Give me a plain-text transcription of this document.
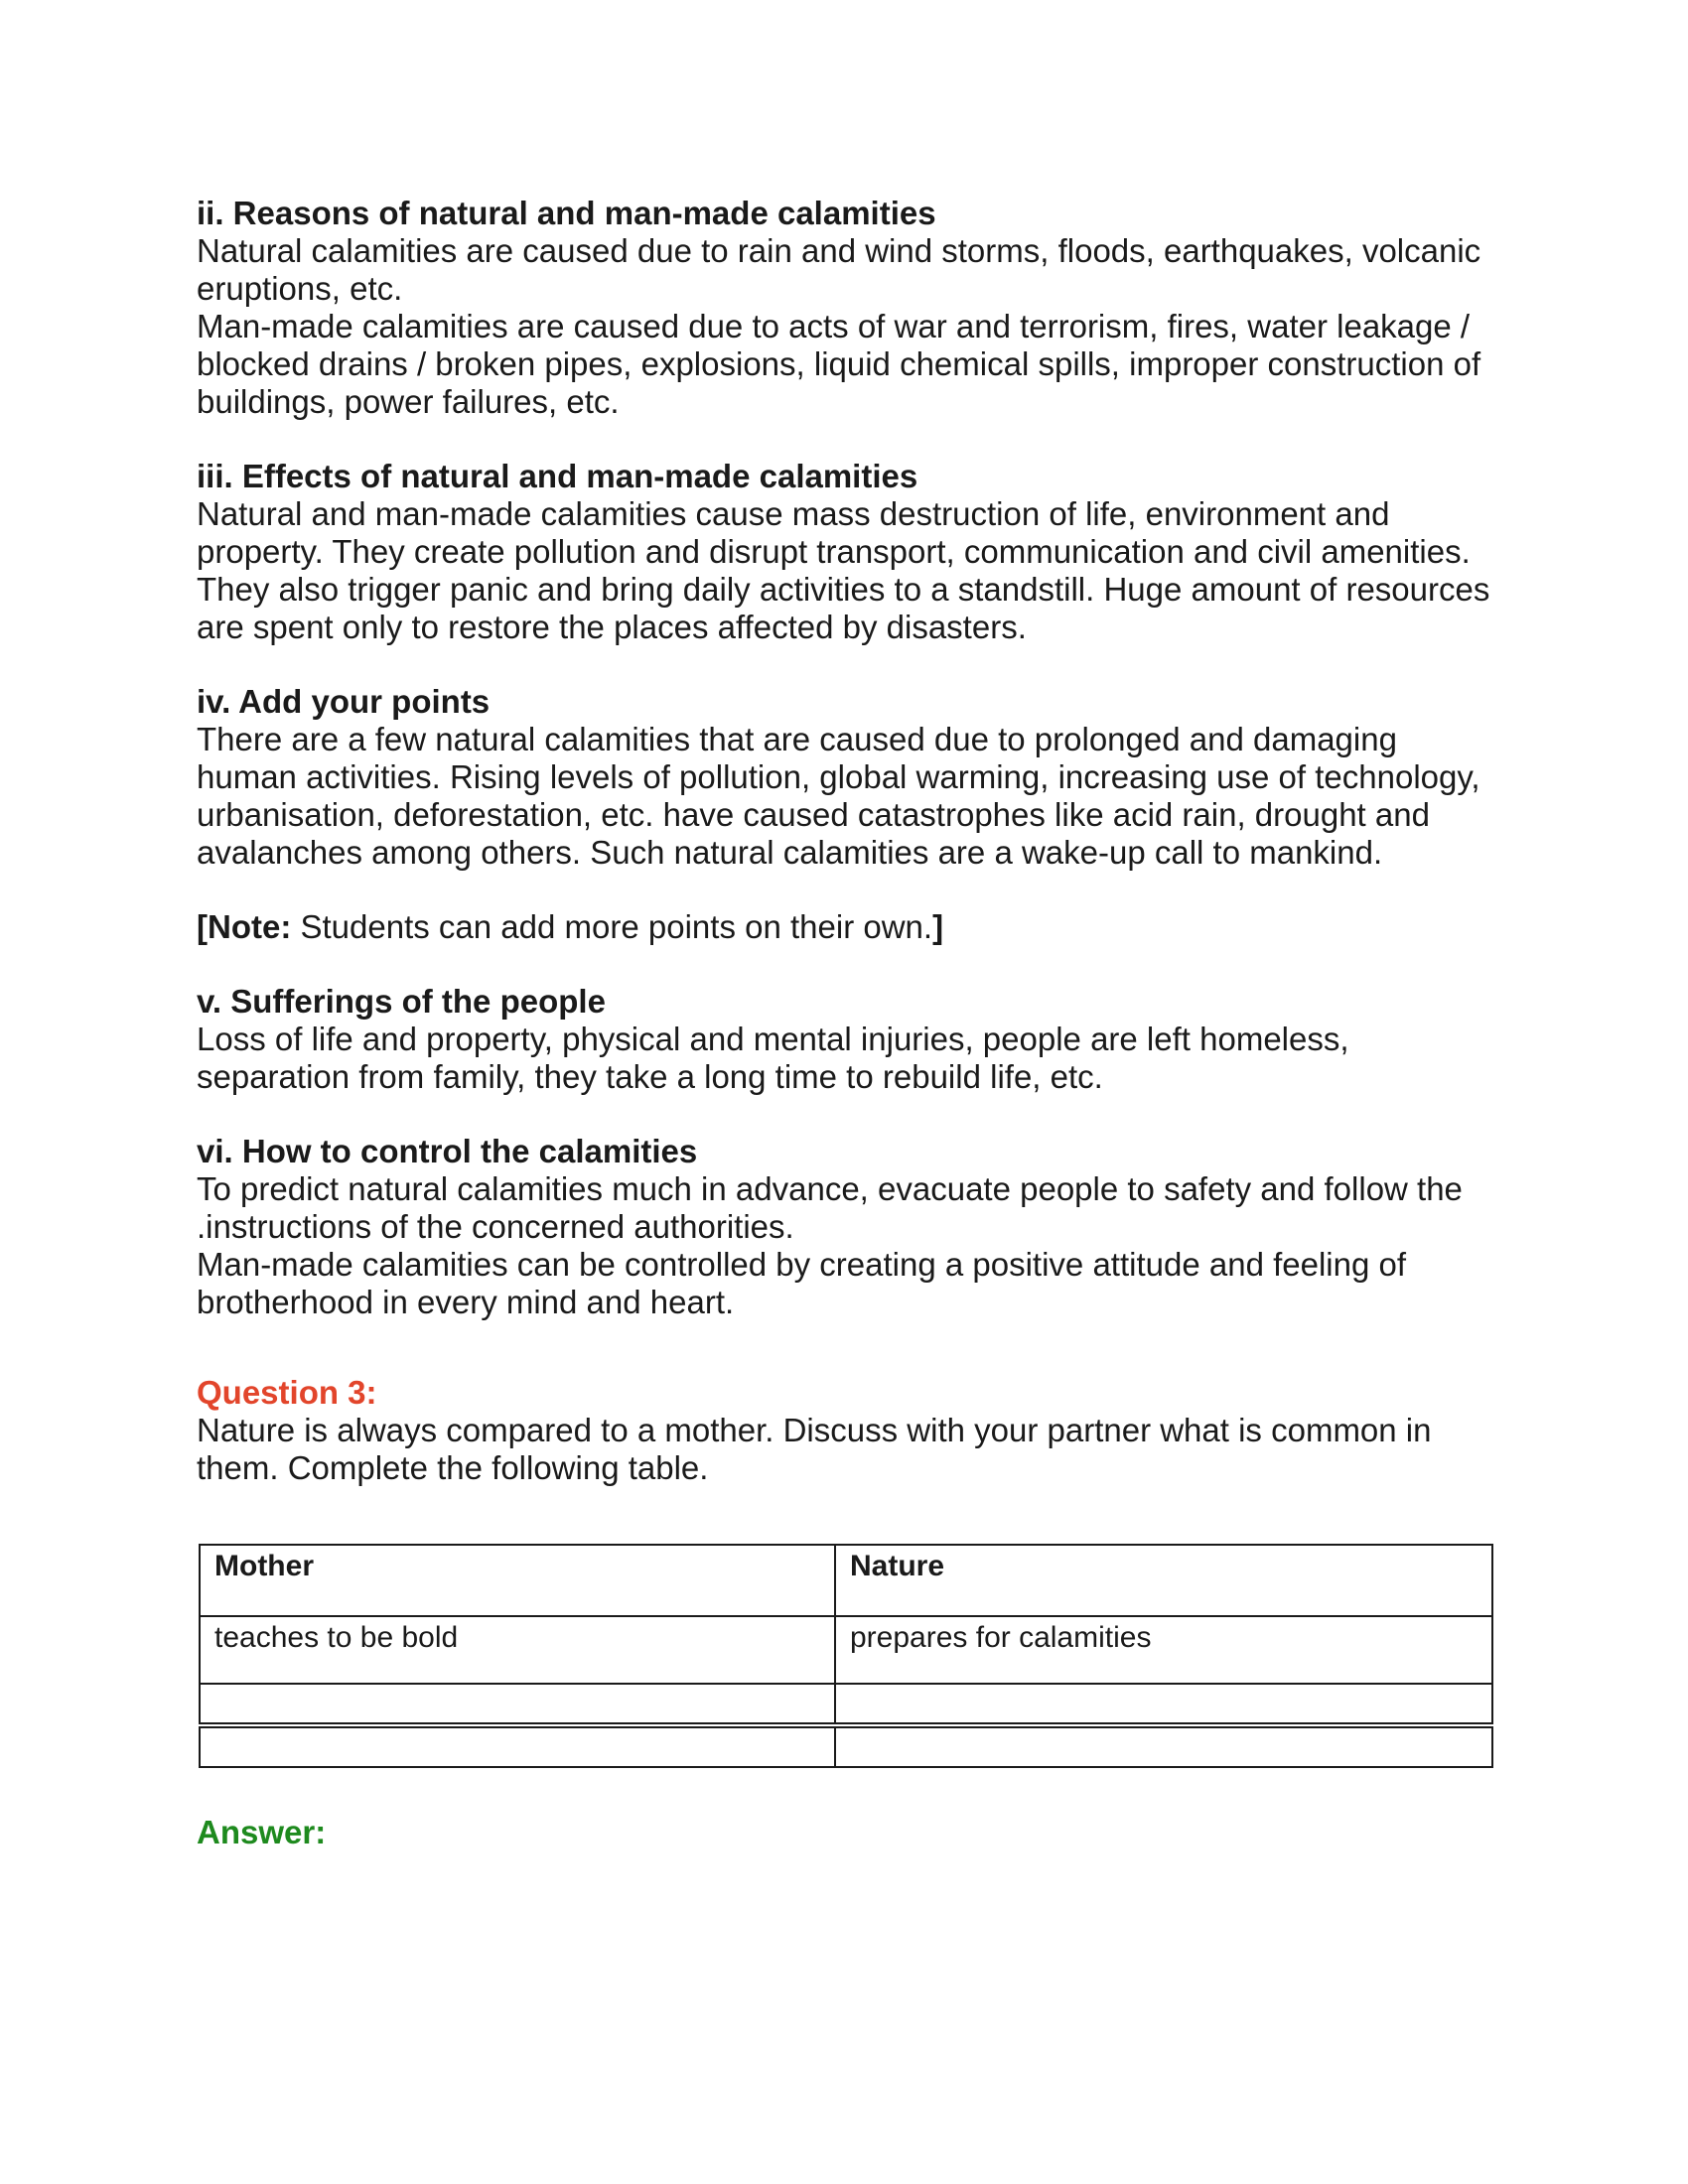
ii. Reasons of natural and man-made calamities

Natural calamities are caused due to rain and wind storms, floods, earthquakes, volcanic eruptions, etc.

Man-made calamities are caused due to acts of war and terrorism, fires, water leakage / blocked drains / broken pipes, explosions, liquid chemical spills, improper construction of buildings, power failures, etc.

iii. Effects of natural and man-made calamities

Natural and man-made calamities cause mass destruction of life, environment and property. They create pollution and disrupt transport, communication and civil amenities. They also trigger panic and bring daily activities to a standstill. Huge amount of resources are spent only to restore the places affected by disasters.

iv. Add your points

There are a few natural calamities that are caused due to prolonged and damaging human activities. Rising levels of pollution, global warming, increasing use of technology, urbanisation, deforestation, etc. have caused catastrophes like acid rain, drought and avalanches among others. Such natural calamities are a wake-up call to mankind.

[Note: Students can add more points on their own.]

v. Sufferings of the people

Loss of life and property, physical and mental injuries, people are left homeless, separation from family, they take a long time to rebuild life, etc.

vi. How to control the calamities

To predict natural calamities much in advance, evacuate people to safety and follow the .instructions of the concerned authorities.

Man-made calamities can be controlled by creating a positive attitude and feeling of brotherhood in every mind and heart.

Question 3:

Nature is always compared to a mother. Discuss with your partner what is common in them. Complete the following table.

Mother	Nature
teaches to be bold	prepares for calamities

Answer:
